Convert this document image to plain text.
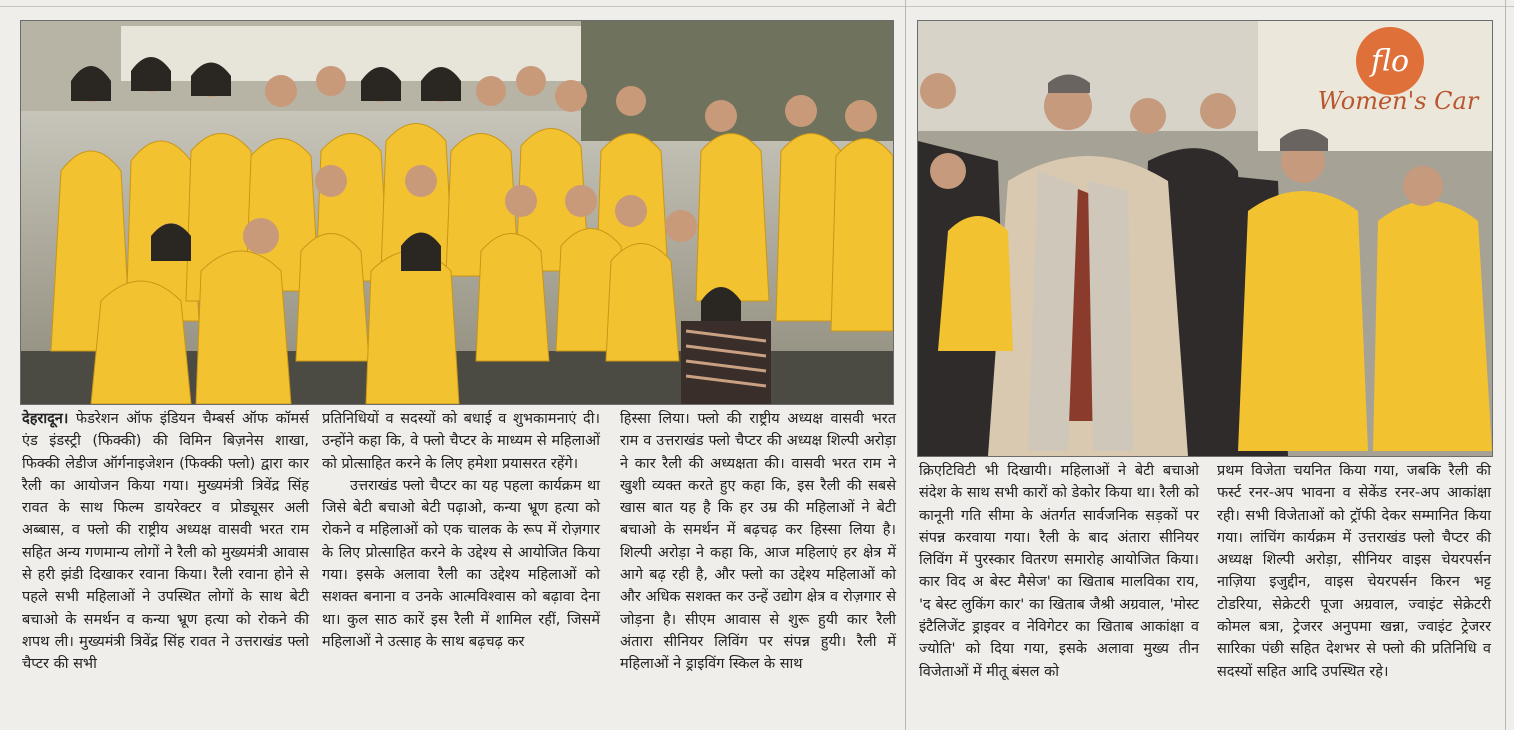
flo
Women's Car

देहरादून। फेडरेशन ऑफ इंडियन चैम्बर्स ऑफ कॉमर्स एंड इंडस्ट्री (फिक्की) की विमिन बिज़नेस शाखा, फिक्की लेडीज ऑर्गनाइजेशन (फिक्की फ्लो) द्वारा कार रैली का आयोजन किया गया। मुख्यमंत्री त्रिवेंद्र सिंह रावत के साथ फिल्म डायरेक्टर व प्रोड्यूसर अली अब्बास, व फ्लो की राष्ट्रीय अध्यक्ष वासवी भरत राम सहित अन्य गणमान्य लोगों ने रैली को मुख्यमंत्री आवास से हरी झंडी दिखाकर रवाना किया। रैली रवाना होने से पहले सभी महिलाओं ने उपस्थित लोगों के साथ बेटी बचाओ के समर्थन व कन्या भ्रूण हत्या को रोकने की शपथ ली। मुख्यमंत्री त्रिवेंद्र सिंह रावत ने उत्तराखंड फ्लो चैप्टर की सभी

प्रतिनिधियों व सदस्यों को बधाई व शुभकामनाएं दी। उन्होंने कहा कि, वे फ्लो चैप्टर के माध्यम से महिलाओं को प्रोत्साहित करने के लिए हमेशा प्रयासरत रहेंगे।

उत्तराखंड फ्लो चैप्टर का यह पहला कार्यक्रम था जिसे बेटी बचाओ बेटी पढ़ाओ, कन्या भ्रूण हत्या को रोकने व महिलाओं को एक चालक के रूप में रोज़गार के लिए प्रोत्साहित करने के उद्देश्य से आयोजित किया गया। इसके अलावा रैली का उद्देश्य महिलाओं को सशक्त बनाना व उनके आत्मविश्वास को बढ़ावा देना था। कुल साठ कारें इस रैली में शामिल रहीं, जिसमें महिलाओं ने उत्साह के साथ बढ़चढ़ कर

हिस्सा लिया। फ्लो की राष्ट्रीय अध्यक्ष वासवी भरत राम व उत्तराखंड फ्लो चैप्टर की अध्यक्ष शिल्पी अरोड़ा ने कार रैली की अध्यक्षता की। वासवी भरत राम ने खुशी व्यक्त करते हुए कहा कि, इस रैली की सबसे खास बात यह है कि हर उम्र की महिलाओं ने बेटी बचाओ के समर्थन में बढ़चढ़ कर हिस्सा लिया है। शिल्पी अरोड़ा ने कहा कि, आज महिलाएं हर क्षेत्र में आगे बढ़ रही है, और फ्लो का उद्देश्य महिलाओं को और अधिक सशक्त कर उन्हें उद्योग क्षेत्र व रोज़गार से जोड़ना है। सीएम आवास से शुरू हुयी कार रैली अंतारा सीनियर लिविंग पर संपन्न हुयी। रैली में महिलाओं ने ड्राइविंग स्किल के साथ

क्रिएटिविटी भी दिखायी। महिलाओं ने बेटी बचाओ संदेश के साथ सभी कारों को डेकोर किया था। रैली को कानूनी गति सीमा के अंतर्गत सार्वजनिक सड़कों पर संपन्न करवाया गया। रैली के बाद अंतारा सीनियर लिविंग में पुरस्कार वितरण समारोह आयोजित किया। कार विद अ बेस्ट मैसेज' का खिताब मालविका राय, 'द बेस्ट लुकिंग कार' का खिताब जैश्री अग्रवाल, 'मोस्ट इंटैलिजेंट ड्राइवर व नेविगेटर का खिताब आकांक्षा व ज्योति' को दिया गया, इसके अलावा मुख्य तीन विजेताओं में मीतू बंसल को

प्रथम विजेता चयनित किया गया, जबकि रैली की फर्स्ट रनर-अप भावना व सेकेंड रनर-अप आकांक्षा रही। सभी विजेताओं को ट्रॉफी देकर सम्मानित किया गया। लांचिंग कार्यक्रम में उत्तराखंड फ्लो चैप्टर की अध्यक्ष शिल्पी अरोड़ा, सीनियर वाइस चेयरपर्सन नाज़िया इजुद्दीन, वाइस चेयरपर्सन किरन भट्ट टोडरिया, सेक्रेटरी पूजा अग्रवाल, ज्वाइंट सेक्रेटरी कोमल बत्रा, ट्रेजरर अनुपमा खन्ना, ज्वाइंट ट्रेजरर सारिका पंछी सहित देशभर से फ्लो की प्रतिनिधि व सदस्यों सहित आदि उपस्थित रहे।
